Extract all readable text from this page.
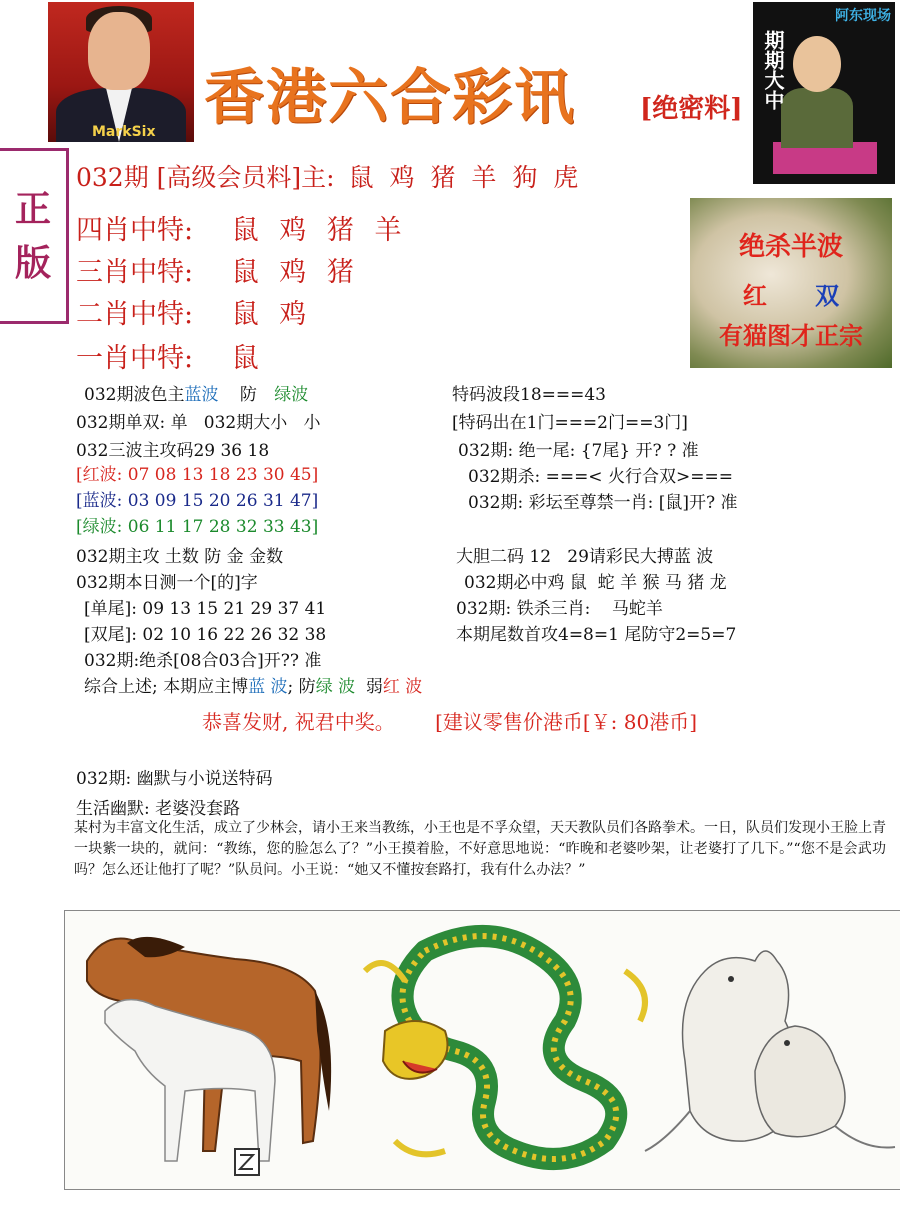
MarkSix 香港六合彩讯 [绝密料] 期期大中
阿东现场
正
版
032期 [高级会员料]主: 鼠 鸡 猪 羊 狗 虎
四肖中特: 鼠 鸡 猪 羊
三肖中特: 鼠 鸡 猪
二肖中特: 鼠 鸡
一肖中特: 鼠
绝杀半波
红 双
有猫图才正宗
032期波色主蓝波 防 绿波
032期单双: 单   032期大小   小
032三波主攻码29 36 18
[红波: 07 08 13 18 23 30 45]
[蓝波: 03 09 15 20 26 31 47]
[绿波: 06 11 17 28 32 33 43]
032期主攻 土数 防 金 金数
032期本日测一个[的]字
[单尾]: 09 13 15 21 29 37 41
[双尾]: 02 10 16 22 26 32 38
032期:绝杀[08合03合]开?? 准
综合上述; 本期应主博蓝 波; 防绿 波  弱红 波
特码波段18===43
[特码出在1门===2门==3门]
032期: 绝一尾: {7尾} 开? ? 准
032期杀: ===< 火行合双>===
032期: 彩坛至尊禁一肖: [鼠]开? 准
大胆二码 12   29请彩民大搏蓝 波
032期必中鸡 鼠  蛇 羊 猴 马 猪 龙
032期: 铁杀三肖:    马蛇羊
本期尾数首攻4=8=1 尾防守2=5=7
恭喜发财, 祝君中奖。 [建议零售价港币[￥: 80港币]
032期: 幽默与小说送特码
生活幽默: 老婆没套路
某村为丰富文化生活，成立了少林会，请小王来当教练，小王也是不孚众望，天天教队员们各路拳术。一日，队员们发现小王脸上青一块紫一块的，就问：“教练，您的脸怎么了？”小王摸着脸，不好意思地说：“昨晚和老婆吵架，让老婆打了几下。”“您不是会武功吗？怎么还让他打了呢？”队员问。小王说：“她又不懂按套路打，我有什么办法？”
